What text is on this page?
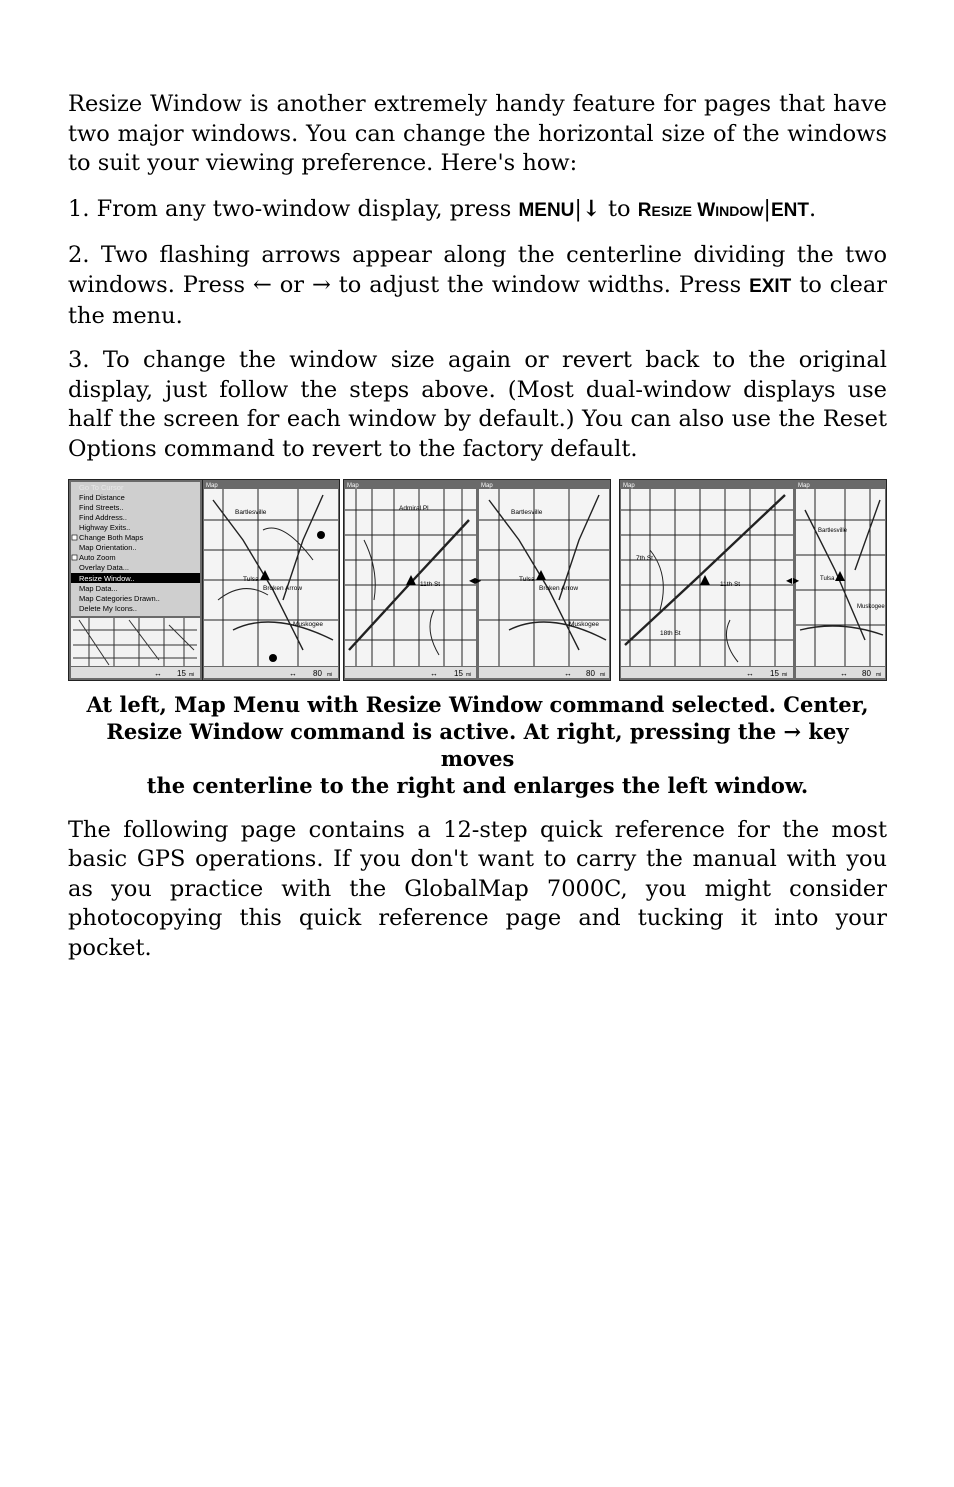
Resize Window is another extremely handy feature for pages that have two major windows. You can change the horizontal size of the windows to suit your viewing preference. Here's how:

1. From any two-window display, press MENU|↓ to RESIZE WINDOW|ENT.

2. Two flashing arrows appear along the centerline dividing the two windows. Press ← or → to adjust the window widths. Press EXIT to clear the menu.

3. To change the window size again or revert back to the original display, just follow the steps above. (Most dual-window displays use half the screen for each window by default.) You can also use the Reset Options command to revert to the factory default.

Go To Cursor
Find Distance
Find Streets..
Find Address..
Highway Exits..
Change Both Maps
Map Orientation..
Auto Zoom
Overlay Data...
Resize Window..
Map Data...
Map Categories Drawn..
Delete My Icons..
↔ 15 mi
Map
Bartlesville
Tulsa
Broken Arrow
Muskogee
↔ 80 mi
Map	Map
Admiral Pl
11th St	◀ ▶
Bartlesville
Tulsa
Broken Arrow
Muskogee
↔ 15 mi	↔ 80 mi
Map	Map
7th St
11th St
18th St
◀ ▶
Bartlesville
Tulsa
Muskogee
↔ 15 mi	↔ 80 mi
At left, Map Menu with Resize Window command selected. Center,
Resize Window command is active. At right, pressing the → key moves
the centerline to the right and enlarges the left window.

The following page contains a 12-step quick reference for the most basic GPS operations. If you don't want to carry the manual with you as you practice with the GlobalMap 7000C, you might consider photocopying this quick reference page and tucking it into your pocket.
